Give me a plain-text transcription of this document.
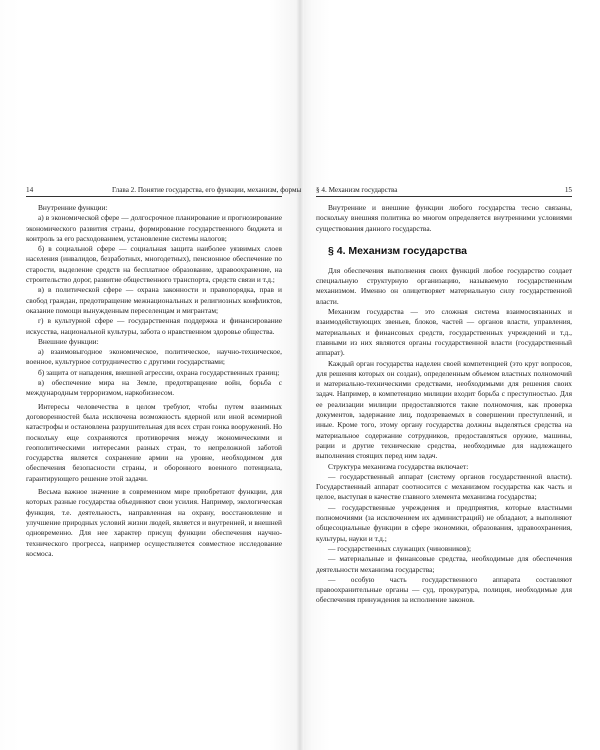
14	Глава 2. Понятие государства, его функции, механизм, формы § 4. Механизм государства	15

Внутренние функции:

а) в экономической сфере — долгосрочное планирование и прогнозирование экономического развития страны, формирование государственного бюджета и контроль за его расходованием, установление системы налогов;

б) в социальной сфере — социальная защита наиболее уязвимых слоев населения (инвалидов, безработных, многодетных), пенсионное обеспечение по старости, выделение средств на бесплатное образование, здравоохранение, на строительство дорог, развитие общественного транспорта, средств связи и т.д.;

в) в политической сфере — охрана законности и правопорядка, прав и свобод граждан, предотвращение межнациональных и религиозных конфликтов, оказание помощи вынужденным переселенцам и мигрантам;

г) в культурной сфере — государственная поддержка и финансирование искусства, национальной культуры, забота о нравственном здоровье общества.

Внешние функции:

а) взаимовыгодное экономическое, политическое, научно-техническое, военное, культурное сотрудничество с другими государствами;

б) защита от нападения, внешней агрессии, охрана государственных границ;

в) обеспечение мира на Земле, предотвращение войн, борьба с международным терроризмом, наркобизнесом.

Интересы человечества в целом требуют, чтобы путем взаимных договоренностей была исключена возможность ядерной или иной всемирной катастрофы и остановлена разрушительная для всех стран гонка вооружений. Но поскольку еще сохраняются противоречия между экономическими и геополитическими интересами разных стран, то непреложной заботой государства является сохранение армии на уровне, необходимом для обеспечения безопасности страны, и оборонного военного потенциала, гарантирующего решение этой задачи.

Весьма важное значение в современном мире приобретают функции, для которых разные государства объединяют свои усилия. Например, экологическая функция, т.е. деятельность, направленная на охрану, восстановление и улучшение природных условий жизни людей, является и внутренней, и внешней одновременно. Для нее характер присущ функции обеспечения научно-технического прогресса, например осуществляется совместное исследование космоса.

Внутренние и внешние функции любого государства тесно связаны, поскольку внешняя политика во многом определяется внутренними условиями существования данного государства.

§ 4. Механизм государства

Для обеспечения выполнения своих функций любое государство создает специальную структурную организацию, называемую государственным механизмом. Именно он олицетворяет материальную силу государственной власти.

Механизм государства — это сложная система взаимосвязанных и взаимодействующих звеньев, блоков, частей — органов власти, управления, материальных и финансовых средств, государственных учреждений и т.д., главными из них являются органы государственной власти (государственный аппарат).

Каждый орган государства наделен своей компетенцией (это круг вопросов, для решения которых он создан), определенным объемом властных полномочий и материально-техническими средствами, необходимыми для решения своих задач. Например, в компетенцию милиции входит борьба с преступностью. Для ее реализации милиции предоставляются такие полномочия, как проверка документов, задержание лиц, подозреваемых в совершении преступлений, и иные. Кроме того, этому органу государства должны выделяться средства на материальное содержание сотрудников, предоставляться оружие, машины, рации и другие технические средства, необходимые для надлежащего выполнения стоящих перед ним задач.

Структура механизма государства включает:

— государственный аппарат (систему органов государственной власти). Государственный аппарат соотносится с механизмом государства как часть и целое, выступая в качестве главного элемента механизма государства;

— государственные учреждения и предприятия, которые властными полномочиями (за исключением их администраций) не обладают, а выполняют общесоциальные функции в сфере экономики, образования, здравоохранения, культуры, науки и т.д.;

— государственных служащих (чиновников);

— материальные и финансовые средства, необходимые для обеспечения деятельности механизма государства;

— особую часть государственного аппарата составляют правоохранительные органы — суд, прокуратура, полиция, необходимые для обеспечения принуждения за исполнение законов.
